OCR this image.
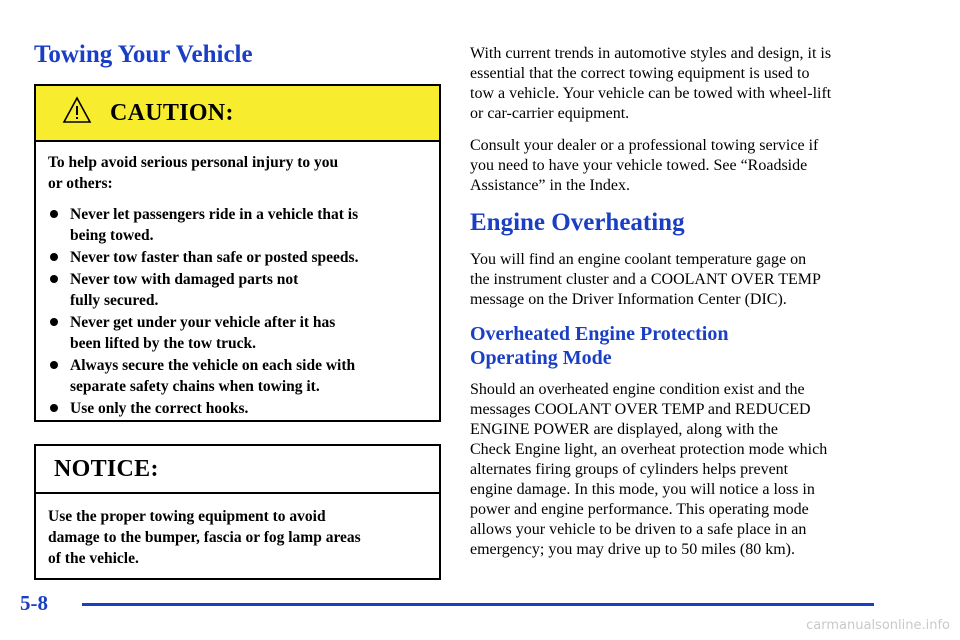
Towing Your Vehicle
CAUTION:

To help avoid serious personal injury to you
or others:

Never let passengers ride in a vehicle that is
being towed.
Never tow faster than safe or posted speeds.
Never tow with damaged parts not
fully secured.
Never get under your vehicle after it has
been lifted by the tow truck.
Always secure the vehicle on each side with
separate safety chains when towing it.
Use only the correct hooks.
NOTICE:
Use the proper towing equipment to avoid
damage to the bumper, fascia or fog lamp areas
of the vehicle.

With current trends in automotive styles and design, it is
essential that the correct towing equipment is used to
tow a vehicle. Your vehicle can be towed with wheel-lift
or car-carrier equipment.

Consult your dealer or a professional towing service if
you need to have your vehicle towed. See “Roadside
Assistance” in the Index.

Engine Overheating

You will find an engine coolant temperature gage on
the instrument cluster and a COOLANT OVER TEMP
message on the Driver Information Center (DIC).

Overheated Engine Protection
Operating Mode

Should an overheated engine condition exist and the
messages COOLANT OVER TEMP and REDUCED
ENGINE POWER are displayed, along with the
Check Engine light, an overheat protection mode which
alternates firing groups of cylinders helps prevent
engine damage. In this mode, you will notice a loss in
power and engine performance. This operating mode
allows your vehicle to be driven to a safe place in an
emergency; you may drive up to 50 miles (80 km).

5-8
carmanualsonline.info
